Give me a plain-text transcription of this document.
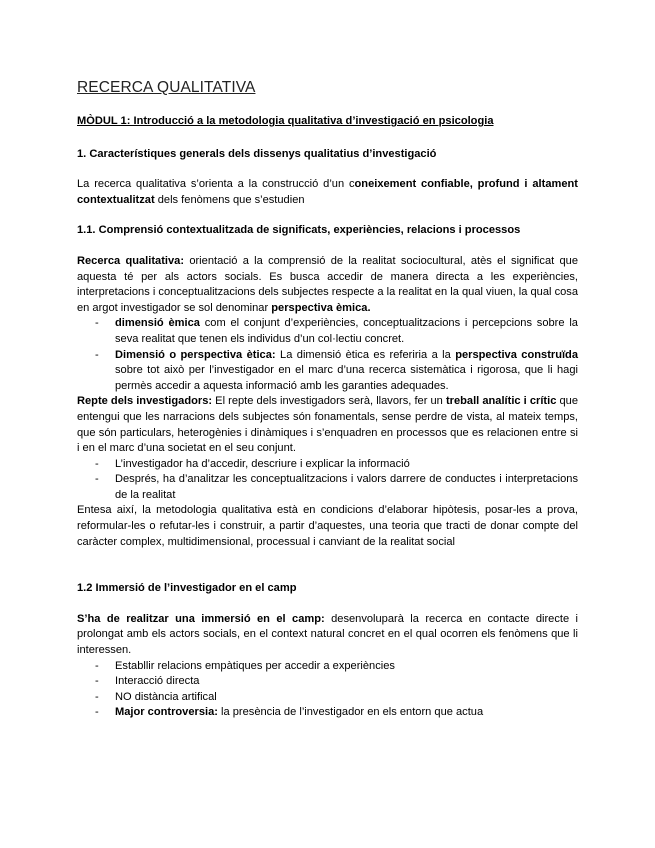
RECERCA QUALITATIVA
MÒDUL 1: Introducció a la metodologia qualitativa d’investigació en psicologia
1. Característiques generals dels dissenys qualitatius d’investigació

La recerca qualitativa s’orienta a la construcció d’un coneixement confiable, profund i altament contextualitzat dels fenòmens que s’estudien

1.1. Comprensió contextualitzada de significats, experiències, relacions i processos

Recerca qualitativa: orientació a la comprensió de la realitat sociocultural, atès el significat que aquesta té per als actors socials. Es busca accedir de manera directa a les experiències, interpretacions i conceptualitzacions dels subjectes respecte a la realitat en la qual viuen, la qual cosa en argot investigador se sol denominar perspectiva èmica.

- dimensió èmica com el conjunt d’experiències, conceptualitzacions i percepcions sobre la seva realitat que tenen els individus d’un col·lectiu concret.
- Dimensió o perspectiva ètica: La dimensió ètica es referiria a la perspectiva construïda sobre tot això per l’investigador en el marc d’una recerca sistemàtica i rigorosa, que li hagi permès accedir a aquesta informació amb les garanties adequades.

Repte dels investigadors: El repte dels investigadors serà, llavors, fer un treball analític i crític que entengui que les narracions dels subjectes són fonamentals, sense perdre de vista, al mateix temps, que són particulars, heterogènies i dinàmiques i s’enquadren en processos que es relacionen entre si i en el marc d’una societat en el seu conjunt.

- L’investigador ha d’accedir, descriure i explicar la informació
- Després, ha d’analitzar les conceptualitzacions i valors darrere de conductes i interpretacions de la realitat

Entesa així, la metodologia qualitativa està en condicions d’elaborar hipòtesis, posar-les a prova, reformular-les o refutar-les i construir, a partir d’aquestes, una teoria que tracti de donar compte del caràcter complex, multidimensional, processual i canviant de la realitat social

1.2 Immersió de l’investigador en el camp

S’ha de realitzar una immersió en el camp: desenvoluparà la recerca en contacte directe i prolongat amb els actors socials, en el context natural concret en el qual ocorren els fenòmens que li interessen.

- Establlir relacions empàtiques per accedir a experiències
- Interacció directa
- NO distància artifical
- Major controversia: la presència de l’investigador en els entorn que actua
